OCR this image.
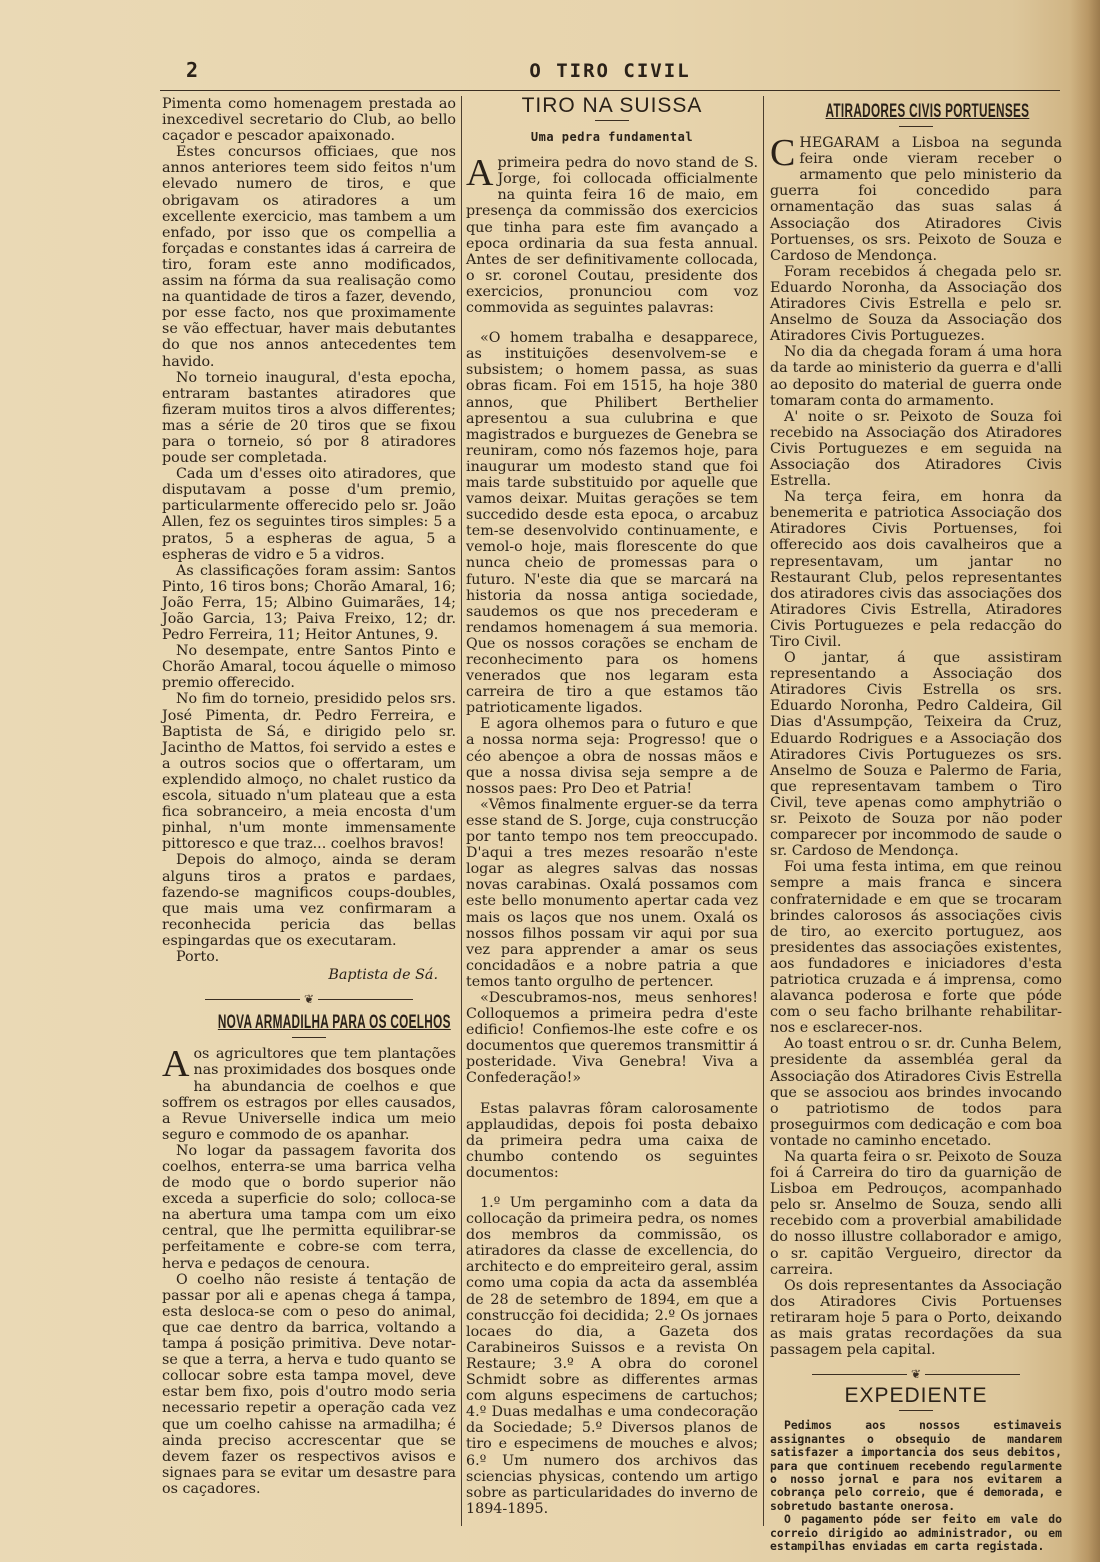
2	O TIRO CIVIL

Pimenta como homenagem prestada ao inexcedivel secretario do Club, ao bello caçador e pescador apaixonado.

Estes concursos officiaes, que nos annos anteriores teem sido feitos n'um elevado numero de tiros, e que obrigavam os atiradores a um excellente exercicio, mas tambem a um enfado, por isso que os compellia a forçadas e constantes idas á carreira de tiro, foram este anno modificados, assim na fórma da sua realisação como na quantidade de tiros a fazer, devendo, por esse facto, nos que proximamente se vão effectuar, haver mais debutantes do que nos annos antecedentes tem havido.

No torneio inaugural, d'esta epocha, entraram bastantes atiradores que fizeram muitos tiros a alvos differentes; mas a série de 20 tiros que se fixou para o torneio, só por 8 atiradores poude ser completada.

Cada um d'esses oito atiradores, que disputavam a posse d'um premio, particularmente offerecido pelo sr. João Allen, fez os seguintes tiros simples: 5 a pratos, 5 a espheras de agua, 5 a espheras de vidro e 5 a vidros.

As classificações foram assim: Santos Pinto, 16 tiros bons; Chorão Amaral, 16; João Ferra, 15; Albino Guimarães, 14; João Garcia, 13; Paiva Freixo, 12; dr. Pedro Ferreira, 11; Heitor Antunes, 9.

No desempate, entre Santos Pinto e Chorão Amaral, tocou áquelle o mimoso premio offerecido.

No fim do torneio, presidido pelos srs. José Pimenta, dr. Pedro Ferreira, e Baptista de Sá, e dirigido pelo sr. Jacintho de Mattos, foi servido a estes e a outros socios que o offertaram, um explendido almoço, no chalet rustico da escola, situado n'um plateau que a esta fica sobranceiro, a meia encosta d'um pinhal, n'um monte immensamente pittoresco e que traz... coelhos bravos!

Depois do almoço, ainda se deram alguns tiros a pratos e pardaes, fazendo-se magnificos coups-doubles, que mais uma vez confirmaram a reconhecida pericia das bellas espingardas que os executaram.

Porto.

Baptista de Sá.
❦
NOVA ARMADILHA PARA OS COELHOS

Aos agricultores que tem plantações nas proximidades dos bosques onde ha abundancia de coelhos e que soffrem os estragos por elles causados, a Revue Universelle indica um meio seguro e commodo de os apanhar.

No logar da passagem favorita dos coelhos, enterra-se uma barrica velha de modo que o bordo superior não exceda a superficie do solo; colloca-se na abertura uma tampa com um eixo central, que lhe permitta equilibrar-se perfeitamente e cobre-se com terra, herva e pedaços de cenoura.

O coelho não resiste á tentação de passar por ali e apenas chega á tampa, esta desloca-se com o peso do animal, que cae dentro da barrica, voltando a tampa á posição primitiva. Deve notar-se que a terra, a herva e tudo quanto se collocar sobre esta tampa movel, deve estar bem fixo, pois d'outro modo seria necessario repetir a operação cada vez que um coelho cahisse na armadilha; é ainda preciso accrescentar que se devem fazer os respectivos avisos e signaes para se evitar um desastre para os caçadores.

TIRO NA SUISSA
Uma pedra fundamental

Aprimeira pedra do novo stand de S. Jorge, foi collocada officialmente na quinta feira 16 de maio, em presença da commissão dos exercicios que tinha para este fim avançado a epoca ordinaria da sua festa annual. Antes de ser definitivamente collocada, o sr. coronel Coutau, presidente dos exercicios, pronunciou com voz commovida as seguintes palavras:

«O homem trabalha e desapparece, as instituições desenvolvem-se e subsistem; o homem passa, as suas obras ficam. Foi em 1515, ha hoje 380 annos, que Philibert Berthelier apresentou a sua culubrina e que magistrados e burguezes de Genebra se reuniram, como nós fazemos hoje, para inaugurar um modesto stand que foi mais tarde substituido por aquelle que vamos deixar. Muitas gerações se tem succedido desde esta epoca, o arcabuz tem-se desenvolvido continuamente, e vemol-o hoje, mais florescente do que nunca cheio de promessas para o futuro. N'este dia que se marcará na historia da nossa antiga sociedade, saudemos os que nos precederam e rendamos homenagem á sua memoria. Que os nossos corações se encham de reconhecimento para os homens venerados que nos legaram esta carreira de tiro a que estamos tão patrioticamente ligados.

E agora olhemos para o futuro e que a nossa norma seja: Progresso! que o céo abençoe a obra de nossas mãos e que a nossa divisa seja sempre a de nossos paes: Pro Deo et Patria!

«Vêmos finalmente erguer-se da terra esse stand de S. Jorge, cuja construcção por tanto tempo nos tem preoccupado. D'aqui a tres mezes resoarão n'este logar as alegres salvas das nossas novas carabinas. Oxalá possamos com este bello monumento apertar cada vez mais os laços que nos unem. Oxalá os nossos filhos possam vir aqui por sua vez para apprender a amar os seus concidadãos e a nobre patria a que temos tanto orgulho de pertencer.

«Descubramos-nos, meus senhores! Colloquemos a primeira pedra d'este edificio! Confiemos-lhe este cofre e os documentos que queremos transmittir á posteridade. Viva Genebra! Viva a Confederação!»

Estas palavras fôram calorosamente applaudidas, depois foi posta debaixo da primeira pedra uma caixa de chumbo contendo os seguintes documentos:

1.º Um pergaminho com a data da collocação da primeira pedra, os nomes dos membros da commissão, os atiradores da classe de excellencia, do architecto e do empreiteiro geral, assim como uma copia da acta da assembléa de 28 de setembro de 1894, em que a construcção foi decidida; 2.º Os jornaes locaes do dia, a Gazeta dos Carabineiros Suissos e a revista On Restaure; 3.º A obra do coronel Schmidt sobre as differentes armas com alguns especimens de cartuchos; 4.º Duas medalhas e uma condecoração da Sociedade; 5.º Diversos planos de tiro e especimens de mouches e alvos; 6.º Um numero dos archivos das sciencias physicas, contendo um artigo sobre as particularidades do inverno de 1894-1895.

ATIRADORES CIVIS PORTUENSES

CHEGARAM a Lisboa na segunda feira onde vieram receber o armamento que pelo ministerio da guerra foi concedido para ornamentação das suas salas á Associação dos Atiradores Civis Portuenses, os srs. Peixoto de Souza e Cardoso de Mendonça.

Foram recebidos á chegada pelo sr. Eduardo Noronha, da Associação dos Atiradores Civis Estrella e pelo sr. Anselmo de Souza da Associação dos Atiradores Civis Portuguezes.

No dia da chegada foram á uma hora da tarde ao ministerio da guerra e d'alli ao deposito do material de guerra onde tomaram conta do armamento.

A' noite o sr. Peixoto de Souza foi recebido na Associação dos Atiradores Civis Portuguezes e em seguida na Associação dos Atiradores Civis Estrella.

Na terça feira, em honra da benemerita e patriotica Associação dos Atiradores Civis Portuenses, foi offerecido aos dois cavalheiros que a representavam, um jantar no Restaurant Club, pelos representantes dos atiradores civis das associações dos Atiradores Civis Estrella, Atiradores Civis Portuguezes e pela redacção do Tiro Civil.

O jantar, á que assistiram representando a Associação dos Atiradores Civis Estrella os srs. Eduardo Noronha, Pedro Caldeira, Gil Dias d'Assumpção, Teixeira da Cruz, Eduardo Rodrigues e a Associação dos Atiradores Civis Portuguezes os srs. Anselmo de Souza e Palermo de Faria, que representavam tambem o Tiro Civil, teve apenas como amphytrião o sr. Peixoto de Souza por não poder comparecer por incommodo de saude o sr. Cardoso de Mendonça.

Foi uma festa intima, em que reinou sempre a mais franca e sincera confraternidade e em que se trocaram brindes calorosos ás associações civis de tiro, ao exercito portuguez, aos presidentes das associações existentes, aos fundadores e iniciadores d'esta patriotica cruzada e á imprensa, como alavanca poderosa e forte que póde com o seu facho brilhante rehabilitar-nos e esclarecer-nos.

Ao toast entrou o sr. dr. Cunha Belem, presidente da assembléa geral da Associação dos Atiradores Civis Estrella que se associou aos brindes invocando o patriotismo de todos para proseguirmos com dedicação e com boa vontade no caminho encetado.

Na quarta feira o sr. Peixoto de Souza foi á Carreira do tiro da guarnição de Lisboa em Pedrouços, acompanhado pelo sr. Anselmo de Souza, sendo alli recebido com a proverbial amabilidade do nosso illustre collaborador e amigo, o sr. capitão Vergueiro, director da carreira.

Os dois representantes da Associação dos Atiradores Civis Portuenses retiraram hoje 5 para o Porto, deixando as mais gratas recordações da sua passagem pela capital.

❦
EXPEDIENTE

Pedimos aos nossos estimaveis assignantes o obsequio de mandarem satisfazer a importancia dos seus debitos, para que continuem recebendo regularmente o nosso jornal e para nos evitarem a cobrança pelo correio, que é demorada, e sobretudo bastante onerosa.

O pagamento póde ser feito em vale do correio dirigido ao administrador, ou em estampilhas enviadas em carta registada.
